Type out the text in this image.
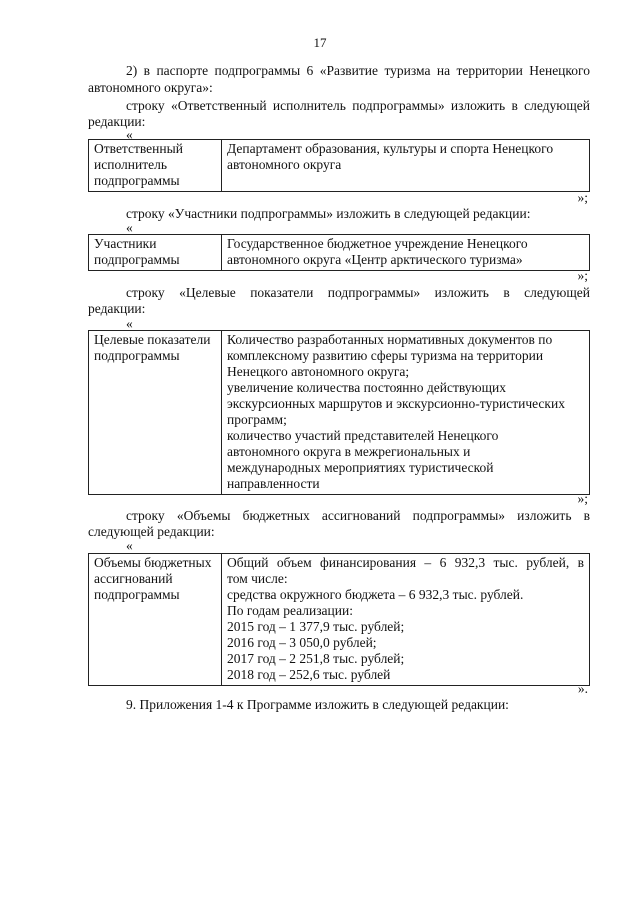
17
2) в паспорте подпрограммы 6 «Развитие туризма на территории Ненецкого
автономного округа»:
строку «Ответственный исполнитель подпрограммы» изложить в следующей
редакции:
«
Ответственный
исполнитель
подпрограммы

Департамент образования, культуры и спорта Ненецкого
автономного округа
»;
строку «Участники подпрограммы» изложить в следующей редакции:
«
Участники
подпрограммы

Государственное бюджетное учреждение Ненецкого
автономного округа «Центр арктического туризма»
»;
строку «Целевые показатели подпрограммы» изложить в следующей
редакции:
«
Целевые показатели
подпрограммы

Количество разработанных нормативных документов по
комплексному развитию сферы туризма на территории
Ненецкого автономного округа;
увеличение количества постоянно действующих
экскурсионных маршрутов и экскурсионно-туристических
программ;
количество участий представителей Ненецкого
автономного округа в межрегиональных и
международных мероприятиях туристической
направленности
»;
строку «Объемы бюджетных ассигнований подпрограммы» изложить в
следующей редакции:
«
Объемы бюджетных
ассигнований
подпрограммы

Общий объем финансирования – 6 932,3 тыс. рублей, в
том числе:
средства окружного бюджета – 6 932,3 тыс. рублей.
По годам реализации:
2015 год – 1 377,9 тыс. рублей;
2016 год – 3 050,0 рублей;
2017 год – 2 251,8 тыс. рублей;
2018 год – 252,6 тыс. рублей
».
9. Приложения 1-4 к Программе изложить в следующей редакции:
